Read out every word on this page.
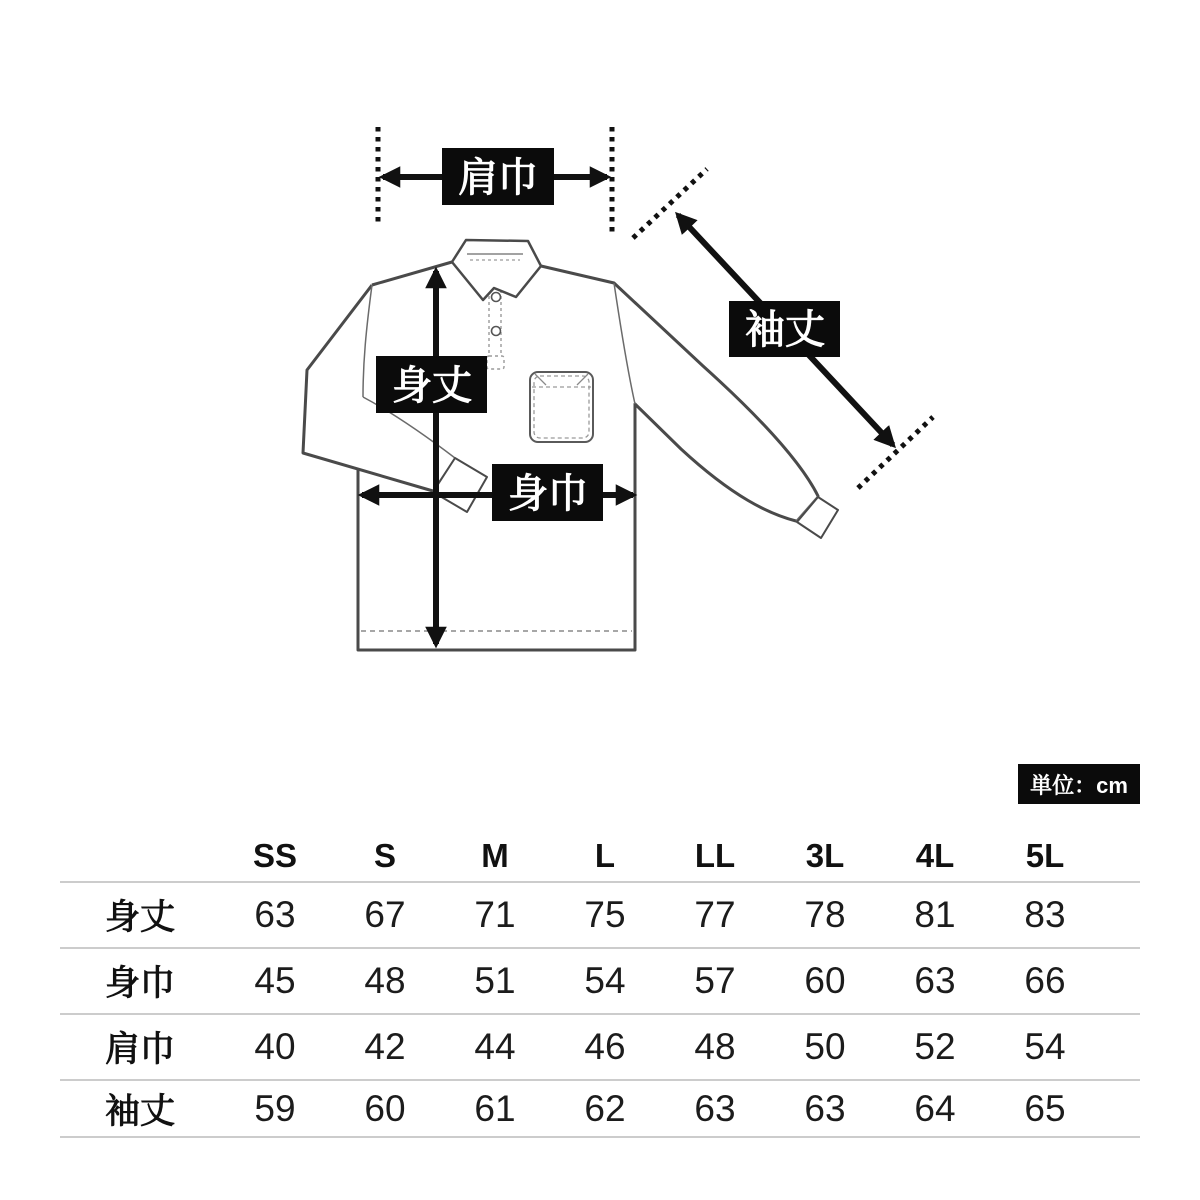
肩巾
身丈
身巾
袖丈
単位：cm
SS	S	M	L	LL	3L	4L	5L
身丈	63	67	71	75	77	78	81	83
身巾	45	48	51	54	57	60	63	66
肩巾	40	42	44	46	48	50	52	54
袖丈	59	60	61	62	63	63	64	65
